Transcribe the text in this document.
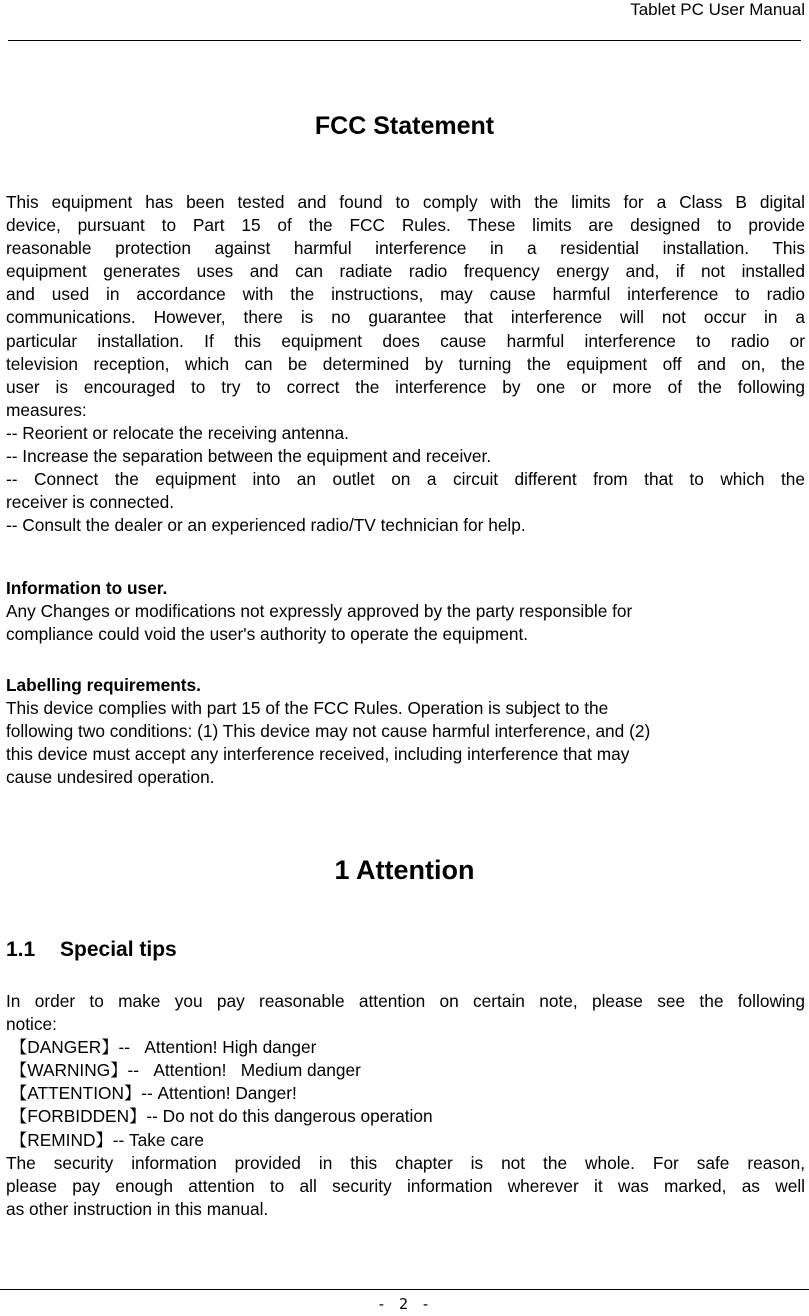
Tablet PC User Manual
FCC Statement
This equipment has been tested and found to comply with the limits for a Class B digital
device, pursuant to Part 15 of the FCC Rules. These limits are designed to provide
reasonable protection against harmful interference in a residential installation. This
equipment generates uses and can radiate radio frequency energy and, if not installed
and used in accordance with the instructions, may cause harmful interference to radio
communications. However, there is no guarantee that interference will not occur in a
particular installation. If this equipment does cause harmful interference to radio or
television reception, which can be determined by turning the equipment off and on, the
user is encouraged to try to correct the interference by one or more of the following
measures:
-- Reorient or relocate the receiving antenna.
-- Increase the separation between the equipment and receiver.
-- Connect the equipment into an outlet on a circuit different from that to which the
receiver is connected.
-- Consult the dealer or an experienced radio/TV technician for help.
Information to user.
Any Changes or modifications not expressly approved by the party responsible for
compliance could void the user's authority to operate the equipment.
Labelling requirements.
This device complies with part 15 of the FCC Rules. Operation is subject to the
following two conditions: (1) This device may not cause harmful interference, and (2)
this device must accept any interference received, including interference that may
cause undesired operation.
1 Attention
1.1 Special tips
In order to make you pay reasonable attention on certain note, please see the following
notice:
【DANGER】--   Attention! High danger
【WARNING】--   Attention!   Medium danger
【ATTENTION】-- Attention! Danger!
【FORBIDDEN】-- Do not do this dangerous operation
【REMIND】-- Take care
The security information provided in this chapter is not the whole. For safe reason,
please pay enough attention to all security information wherever it was marked, as well
as other instruction in this manual.
- 2 -
